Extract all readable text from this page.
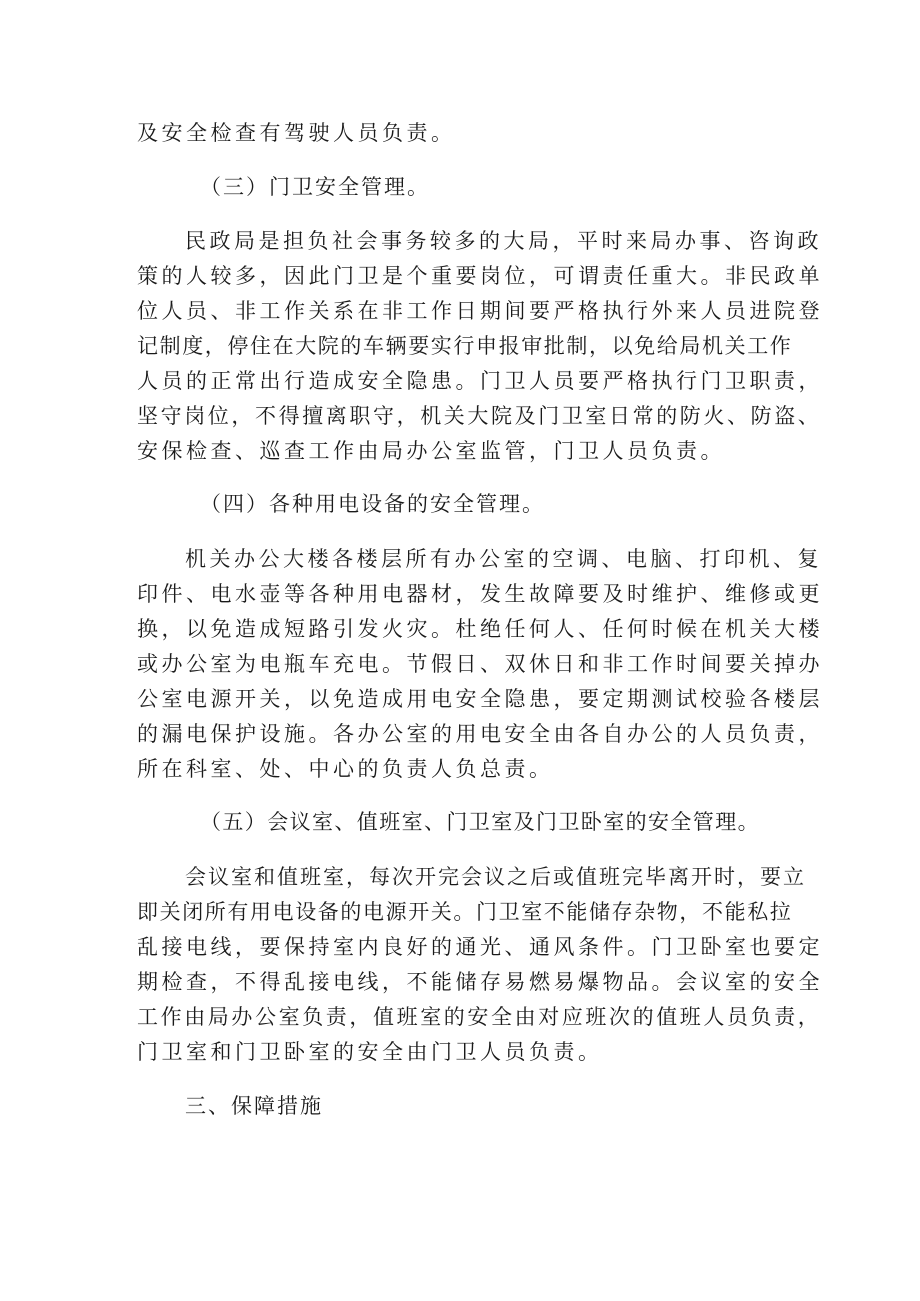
及安全检查有驾驶人员负责。
（三）门卫安全管理。
民政局是担负社会事务较多的大局，平时来局办事、咨询政
策的人较多，因此门卫是个重要岗位，可谓责任重大。非民政单
位人员、非工作关系在非工作日期间要严格执行外来人员进院登
记制度，停住在大院的车辆要实行申报审批制，以免给局机关工作
人员的正常出行造成安全隐患。门卫人员要严格执行门卫职责，
坚守岗位，不得擅离职守，机关大院及门卫室日常的防火、防盗、
安保检查、巡查工作由局办公室监管，门卫人员负责。
（四）各种用电设备的安全管理。
机关办公大楼各楼层所有办公室的空调、电脑、打印机、复
印件、电水壶等各种用电器材，发生故障要及时维护、维修或更
换，以免造成短路引发火灾。杜绝任何人、任何时候在机关大楼
或办公室为电瓶车充电。节假日、双休日和非工作时间要关掉办
公室电源开关，以免造成用电安全隐患，要定期测试校验各楼层
的漏电保护设施。各办公室的用电安全由各自办公的人员负责，
所在科室、处、中心的负责人负总责。
（五）会议室、值班室、门卫室及门卫卧室的安全管理。
会议室和值班室，每次开完会议之后或值班完毕离开时，要立
即关闭所有用电设备的电源开关。门卫室不能储存杂物，不能私拉
乱接电线，要保持室内良好的通光、通风条件。门卫卧室也要定
期检查，不得乱接电线，不能储存易燃易爆物品。会议室的安全
工作由局办公室负责，值班室的安全由对应班次的值班人员负责，
门卫室和门卫卧室的安全由门卫人员负责。
三、保障措施
